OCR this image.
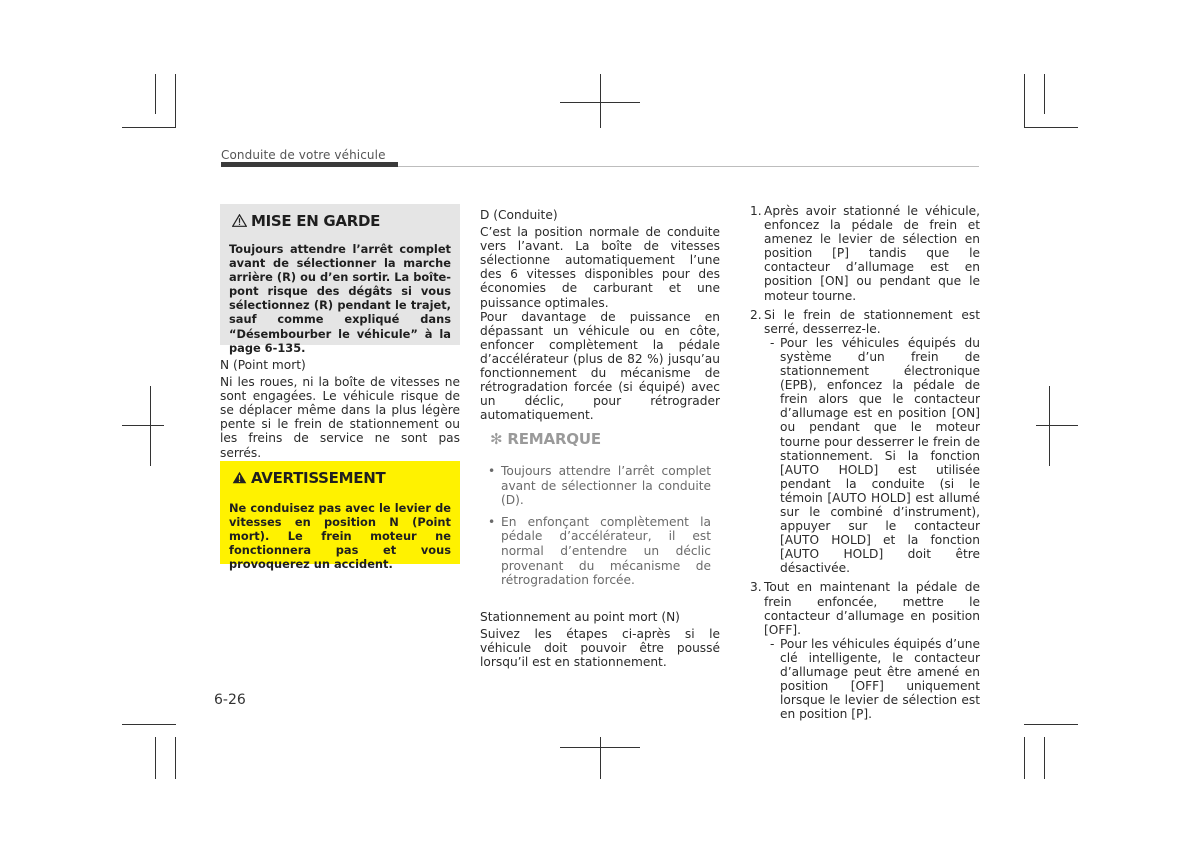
Conduite de votre véhicule
MISE EN GARDE
Toujours attendre l’arrêt complet avant de sélectionner la marche arrière (R) ou d’en sortir. La boîte-pont risque des dégâts si vous sélectionnez (R) pendant le trajet, sauf comme expliqué dans “Désembourber le véhicule” à la page 6-135.

N (Point mort)

Ni les roues, ni la boîte de vitesses ne sont engagées. Le véhicule risque de se déplacer même dans la plus légère pente si le frein de stationnement ou les freins de service ne sont pas serrés.

AVERTISSEMENT
Ne conduisez pas avec le levier de vitesses en position N (Point mort). Le frein moteur ne fonctionnera pas et vous provoquerez un accident.

D (Conduite)

C’est la position normale de conduite vers l’avant. La boîte de vitesses sélectionne automatiquement l’une des 6 vitesses disponibles pour des économies de carburant et une puissance optimales.

Pour davantage de puissance en dépassant un véhicule ou en côte, enfoncer complètement la pédale d’accélérateur (plus de 82 %) jusqu’au fonctionnement du mécanisme de rétrogradation forcée (si équipé) avec un déclic, pour rétrograder automatiquement.

✻ REMARQUE
• Toujours attendre l’arrêt complet avant de sélectionner la conduite (D).
• En enfonçant complètement la pédale d’accélérateur, il est normal d’entendre un déclic provenant du mécanisme de rétrogradation forcée.

Stationnement au point mort (N)

Suivez les étapes ci-après si le véhicule doit pouvoir être poussé lorsqu’il est en stationnement.

1. Après avoir stationné le véhicule, enfoncez la pédale de frein et amenez le levier de sélection en position [P] tandis que le contacteur d’allumage est en position [ON] ou pendant que le moteur tourne.
2. Si le frein de stationnement est serré, desserrez-le.
- Pour les véhicules équipés du système d’un frein de stationnement électronique (EPB), enfoncez la pédale de frein alors que le contacteur d’allumage est en position [ON] ou pendant que le moteur tourne pour desserrer le frein de stationnement. Si la fonction [AUTO HOLD] est utilisée pendant la conduite (si le témoin [AUTO HOLD] est allumé sur le combiné d’instrument), appuyer sur le contacteur [AUTO HOLD] et la fonction [AUTO HOLD] doit être désactivée.
3. Tout en maintenant la pédale de frein enfoncée, mettre le contacteur d’allumage en position [OFF].
- Pour les véhicules équipés d’une clé intelligente, le contacteur d’allumage peut être amené en position [OFF] uniquement lorsque le levier de sélection est en position [P].
6-26
